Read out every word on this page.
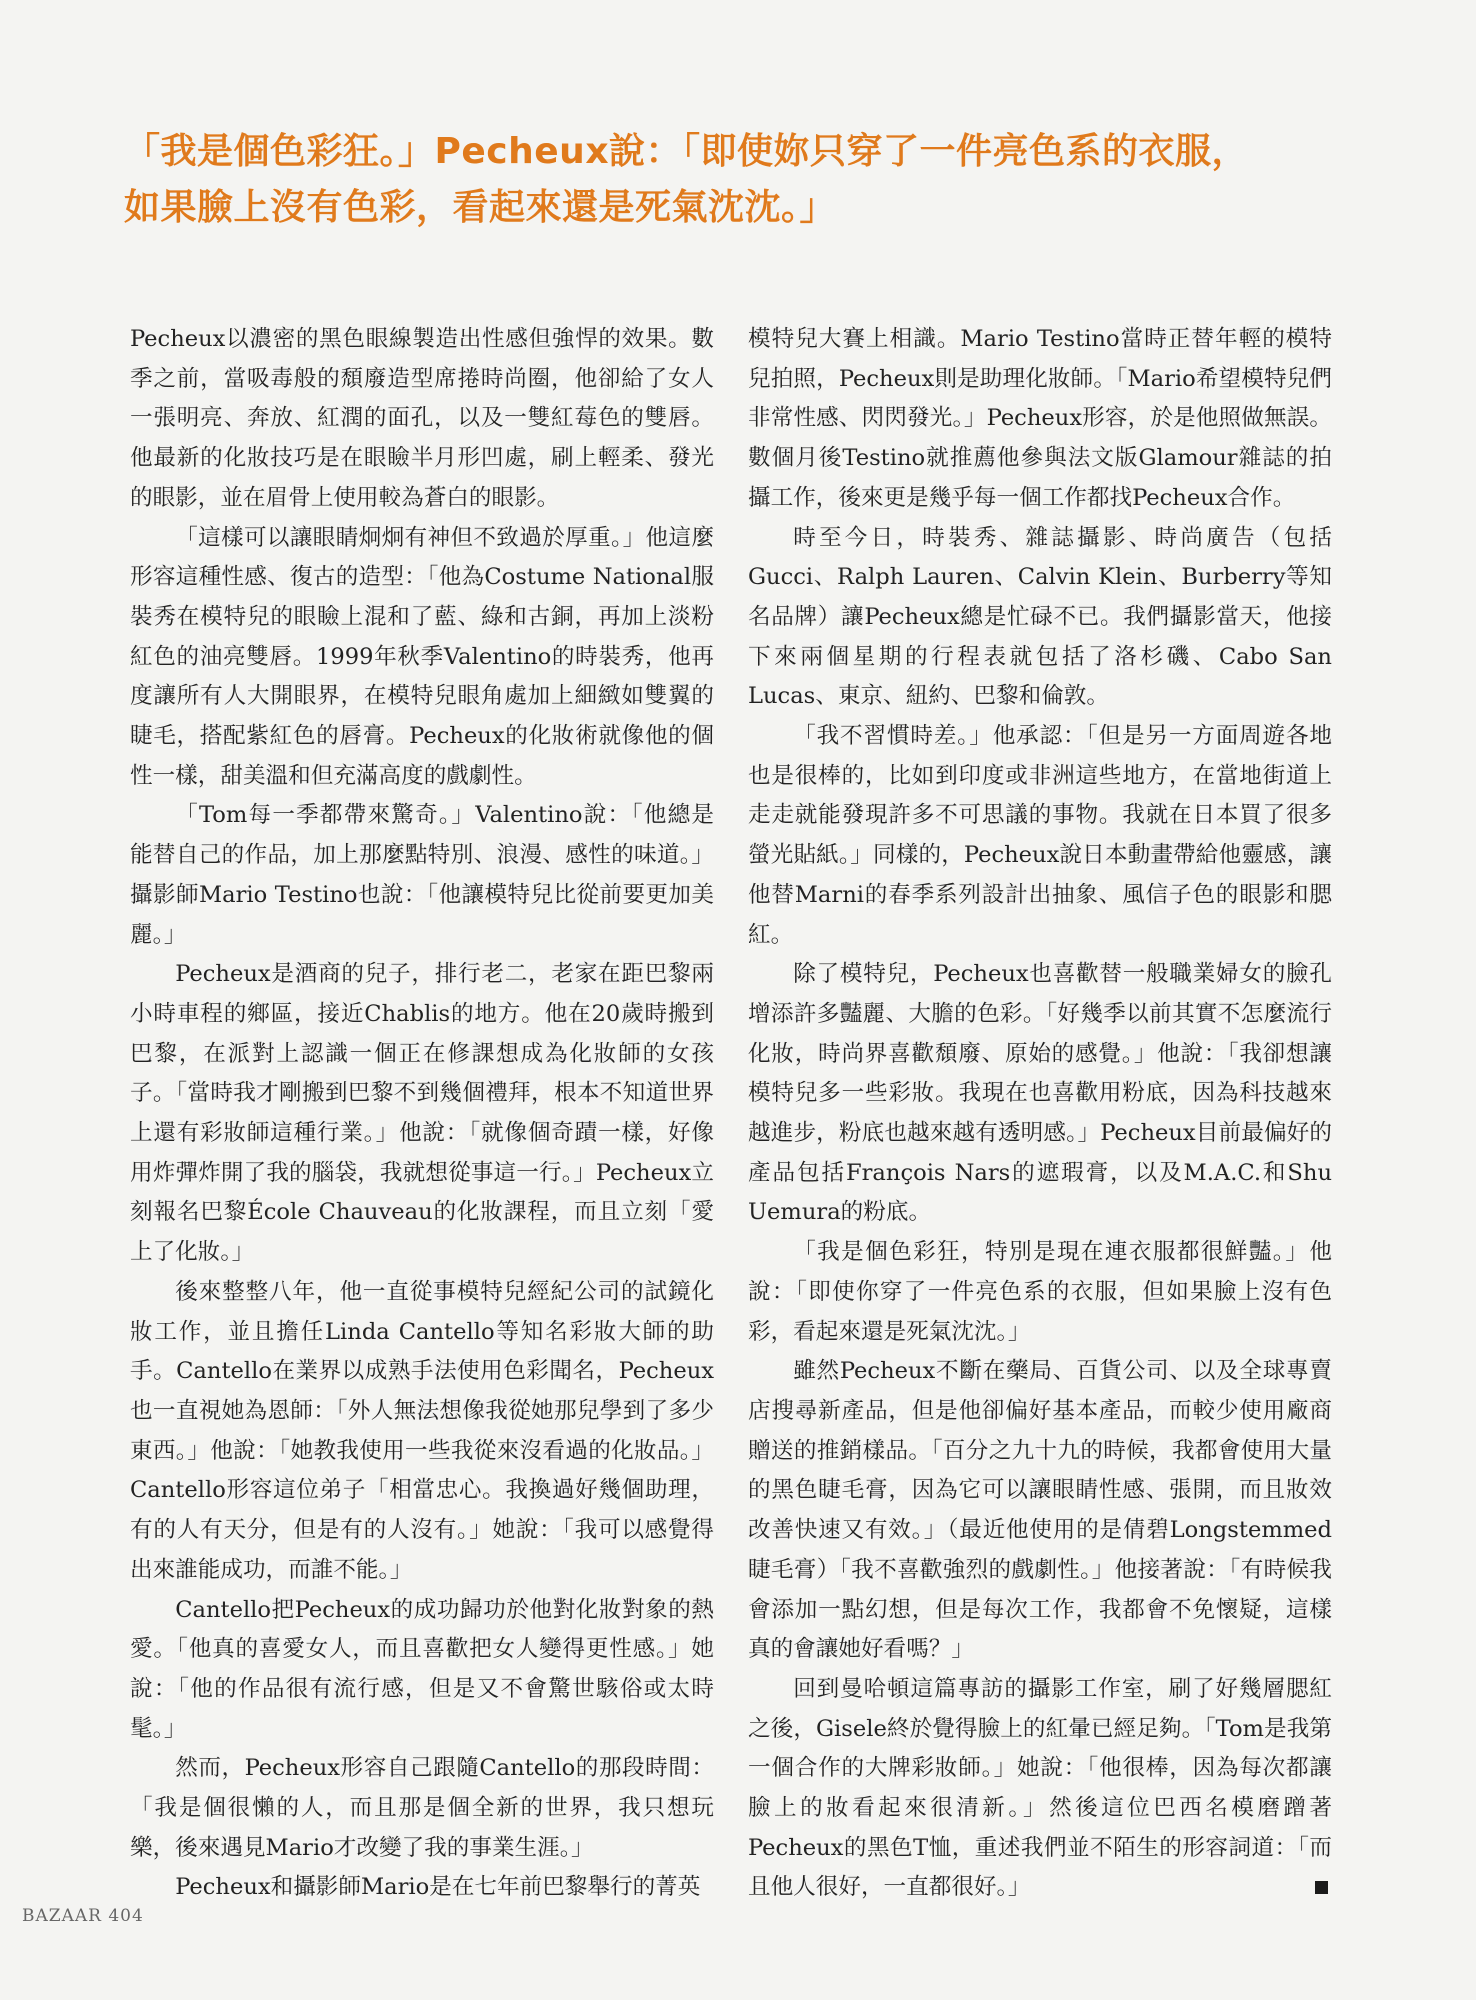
「我是個色彩狂。」Pecheux說：「即使妳只穿了一件亮色系的衣服，
如果臉上沒有色彩，看起來還是死氣沈沈。」

Pecheux以濃密的黑色眼線製造出性感但強悍的效果。數季之前，當吸毒般的頹廢造型席捲時尚圈，他卻給了女人一張明亮、奔放、紅潤的面孔，以及一雙紅莓色的雙唇。他最新的化妝技巧是在眼瞼半月形凹處，刷上輕柔、發光的眼影，並在眉骨上使用較為蒼白的眼影。

「這樣可以讓眼睛炯炯有神但不致過於厚重。」他這麼形容這種性感、復古的造型：「他為Costume National服裝秀在模特兒的眼瞼上混和了藍、綠和古銅，再加上淡粉紅色的油亮雙唇。1999年秋季Valentino的時裝秀，他再度讓所有人大開眼界，在模特兒眼角處加上細緻如雙翼的睫毛，搭配紫紅色的唇膏。Pecheux的化妝術就像他的個性一樣，甜美溫和但充滿高度的戲劇性。

「Tom每一季都帶來驚奇。」Valentino說：「他總是能替自己的作品，加上那麼點特別、浪漫、感性的味道。」攝影師Mario Testino也說：「他讓模特兒比從前要更加美麗。」

Pecheux是酒商的兒子，排行老二，老家在距巴黎兩小時車程的鄉區，接近Chablis的地方。他在20歲時搬到巴黎，在派對上認識一個正在修課想成為化妝師的女孩子。「當時我才剛搬到巴黎不到幾個禮拜，根本不知道世界上還有彩妝師這種行業。」他說：「就像個奇蹟一樣，好像用炸彈炸開了我的腦袋，我就想從事這一行。」Pecheux立刻報名巴黎École Chauveau的化妝課程，而且立刻「愛上了化妝。」

後來整整八年，他一直從事模特兒經紀公司的試鏡化妝工作，並且擔任Linda Cantello等知名彩妝大師的助手。Cantello在業界以成熟手法使用色彩聞名，Pecheux也一直視她為恩師：「外人無法想像我從她那兒學到了多少東西。」他說：「她教我使用一些我從來沒看過的化妝品。」Cantello形容這位弟子「相當忠心。我換過好幾個助理，有的人有天分，但是有的人沒有。」她說：「我可以感覺得出來誰能成功，而誰不能。」

Cantello把Pecheux的成功歸功於他對化妝對象的熱愛。「他真的喜愛女人，而且喜歡把女人變得更性感。」她說：「他的作品很有流行感，但是又不會驚世駭俗或太時髦。」

然而，Pecheux形容自己跟隨Cantello的那段時間：「我是個很懶的人，而且那是個全新的世界，我只想玩樂，後來遇見Mario才改變了我的事業生涯。」

Pecheux和攝影師Mario是在七年前巴黎舉行的菁英

模特兒大賽上相識。Mario Testino當時正替年輕的模特兒拍照，Pecheux則是助理化妝師。「Mario希望模特兒們非常性感、閃閃發光。」Pecheux形容，於是他照做無誤。數個月後Testino就推薦他參與法文版Glamour雜誌的拍攝工作，後來更是幾乎每一個工作都找Pecheux合作。

時至今日，時裝秀、雜誌攝影、時尚廣告（包括Gucci、Ralph Lauren、Calvin Klein、Burberry等知名品牌）讓Pecheux總是忙碌不已。我們攝影當天，他接下來兩個星期的行程表就包括了洛杉磯、Cabo San Lucas、東京、紐約、巴黎和倫敦。

「我不習慣時差。」他承認：「但是另一方面周遊各地也是很棒的，比如到印度或非洲這些地方，在當地街道上走走就能發現許多不可思議的事物。我就在日本買了很多螢光貼紙。」同樣的，Pecheux說日本動畫帶給他靈感，讓他替Marni的春季系列設計出抽象、風信子色的眼影和腮紅。

除了模特兒，Pecheux也喜歡替一般職業婦女的臉孔增添許多豔麗、大膽的色彩。「好幾季以前其實不怎麼流行化妝，時尚界喜歡頹廢、原始的感覺。」他說：「我卻想讓模特兒多一些彩妝。我現在也喜歡用粉底，因為科技越來越進步，粉底也越來越有透明感。」Pecheux目前最偏好的產品包括François Nars的遮瑕膏，以及M.A.C.和Shu Uemura的粉底。

「我是個色彩狂，特別是現在連衣服都很鮮豔。」他說：「即使你穿了一件亮色系的衣服，但如果臉上沒有色彩，看起來還是死氣沈沈。」

雖然Pecheux不斷在藥局、百貨公司、以及全球專賣店搜尋新產品，但是他卻偏好基本產品，而較少使用廠商贈送的推銷樣品。「百分之九十九的時候，我都會使用大量的黑色睫毛膏，因為它可以讓眼睛性感、張開，而且妝效改善快速又有效。」（最近他使用的是倩碧Longstemmed睫毛膏）「我不喜歡強烈的戲劇性。」他接著說：「有時候我會添加一點幻想，但是每次工作，我都會不免懷疑，這樣真的會讓她好看嗎？」

回到曼哈頓這篇專訪的攝影工作室，刷了好幾層腮紅之後，Gisele終於覺得臉上的紅暈已經足夠。「Tom是我第一個合作的大牌彩妝師。」她說：「他很棒，因為每次都讓臉上的妝看起來很清新。」然後這位巴西名模磨蹭著Pecheux的黑色T恤，重述我們並不陌生的形容詞道：「而且他人很好，一直都很好。」

BAZAAR 404
